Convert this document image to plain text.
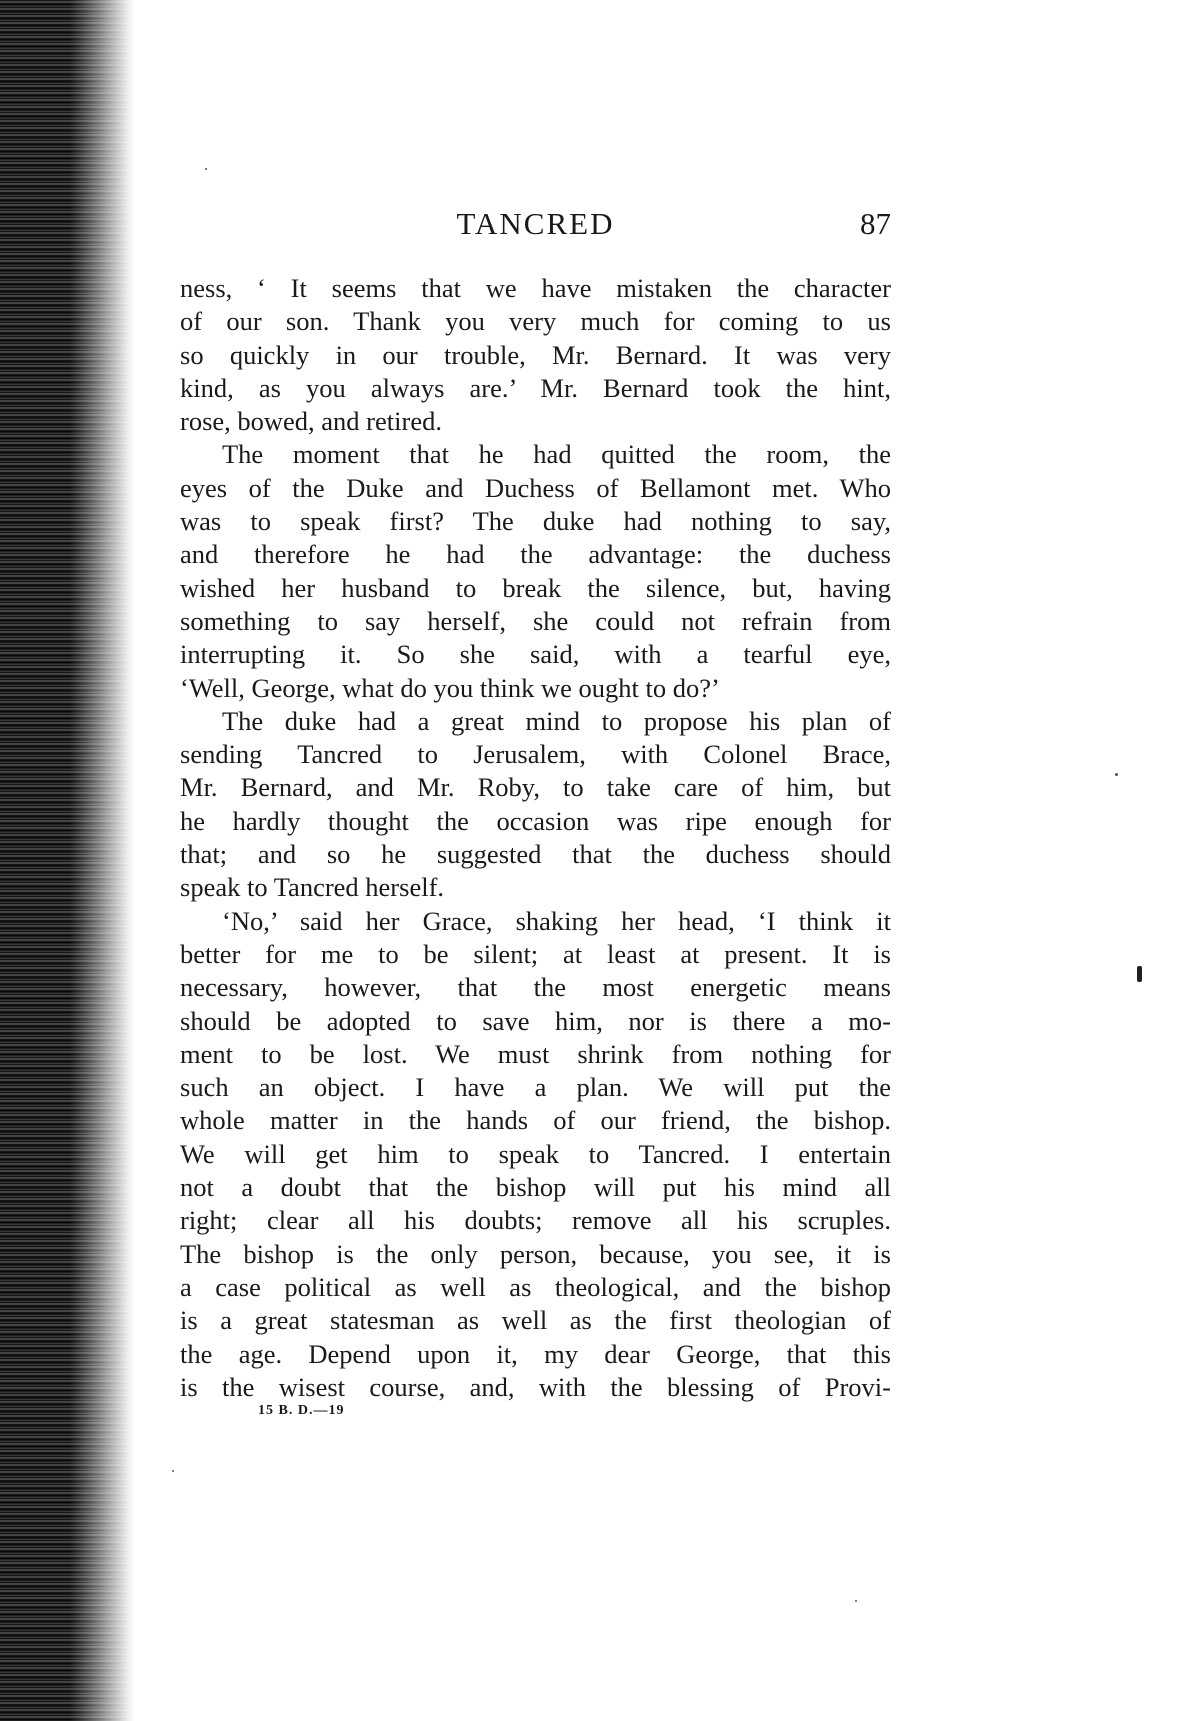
TANCRED	87
ness, ‘ It seems that we have mistaken the character
of our son. Thank you very much for coming to us
so quickly in our trouble, Mr. Bernard. It was very
kind, as you always are.’ Mr. Bernard took the hint,
rose, bowed, and retired.
The moment that he had quitted the room, the
eyes of the Duke and Duchess of Bellamont met. Who
was to speak first? The duke had nothing to say,
and therefore he had the advantage: the duchess
wished her husband to break the silence, but, having
something to say herself, she could not refrain from
interrupting it. So she said, with a tearful eye,
‘Well, George, what do you think we ought to do?’
The duke had a great mind to propose his plan of
sending Tancred to Jerusalem, with Colonel Brace,
Mr. Bernard, and Mr. Roby, to take care of him, but
he hardly thought the occasion was ripe enough for
that; and so he suggested that the duchess should
speak to Tancred herself.
‘No,’ said her Grace, shaking her head, ‘I think it
better for me to be silent; at least at present. It is
necessary, however, that the most energetic means
should be adopted to save him, nor is there a mo-
ment to be lost. We must shrink from nothing for
such an object. I have a plan. We will put the
whole matter in the hands of our friend, the bishop.
We will get him to speak to Tancred. I entertain
not a doubt that the bishop will put his mind all
right; clear all his doubts; remove all his scruples.
The bishop is the only person, because, you see, it is
a case political as well as theological, and the bishop
is a great statesman as well as the first theologian of
the age. Depend upon it, my dear George, that this
is the wisest course, and, with the blessing of Provi-
15 B. D.—19
